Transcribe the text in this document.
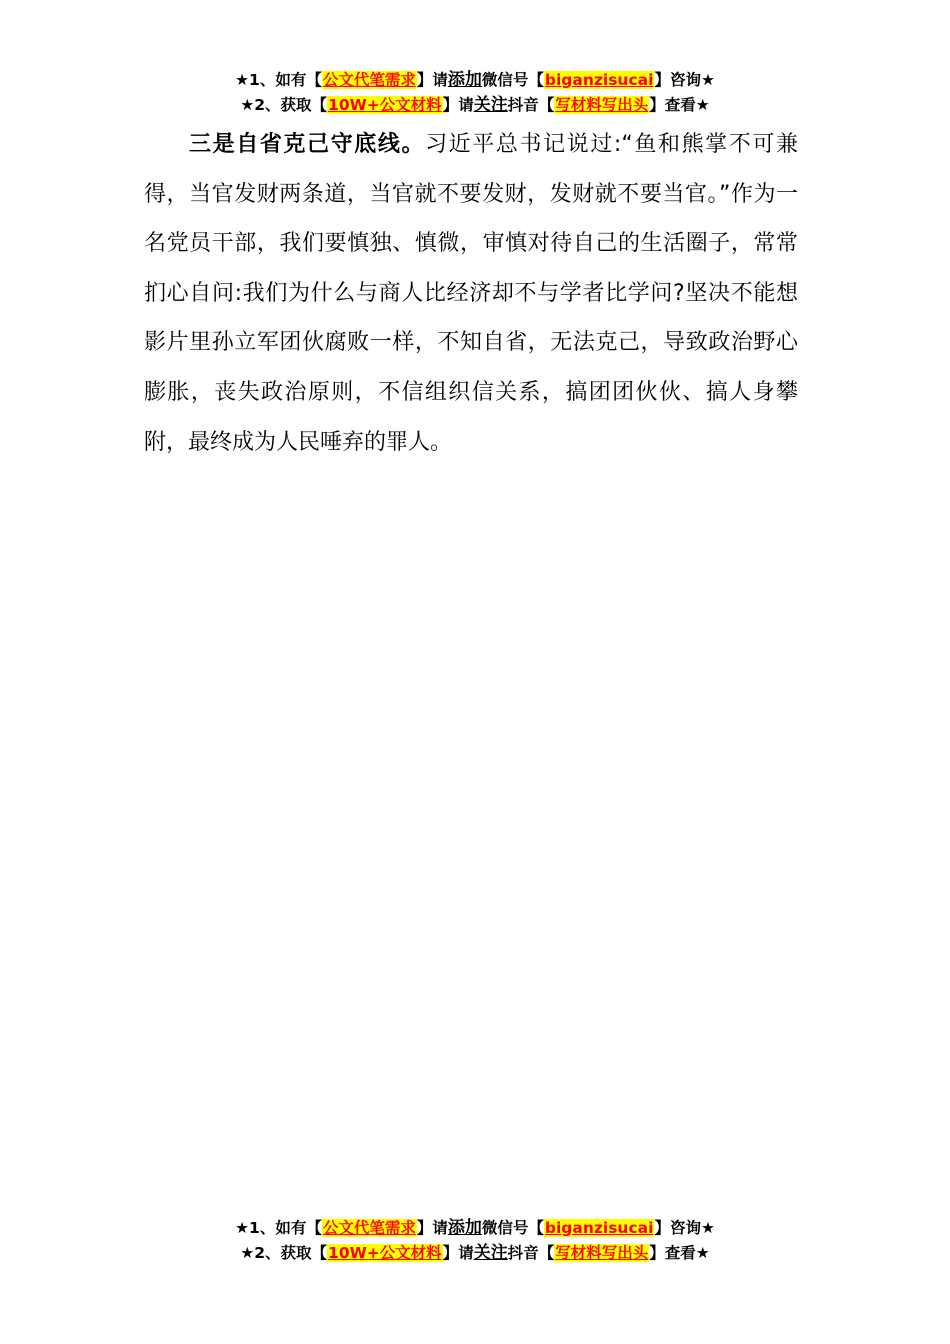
★1、如有【公文代笔需求】请添加微信号【biganzisucai】咨询★
★2、获取【10W+公文材料】请关注抖音【写材料写出头】查看★

三是自省克己守底线。习近平总书记说过:“鱼和熊掌不可兼得，当官发财两条道，当官就不要发财，发财就不要当官。”作为一名党员干部，我们要慎独、慎微，审慎对待自己的生活圈子，常常扪心自问:我们为什么与商人比经济却不与学者比学问?坚决不能想影片里孙立军团伙腐败一样，不知自省，无法克己，导致政治野心膨胀，丧失政治原则，不信组织信关系，搞团团伙伙、搞人身攀附，最终成为人民唾弃的罪人。

★1、如有【公文代笔需求】请添加微信号【biganzisucai】咨询★
★2、获取【10W+公文材料】请关注抖音【写材料写出头】查看★
